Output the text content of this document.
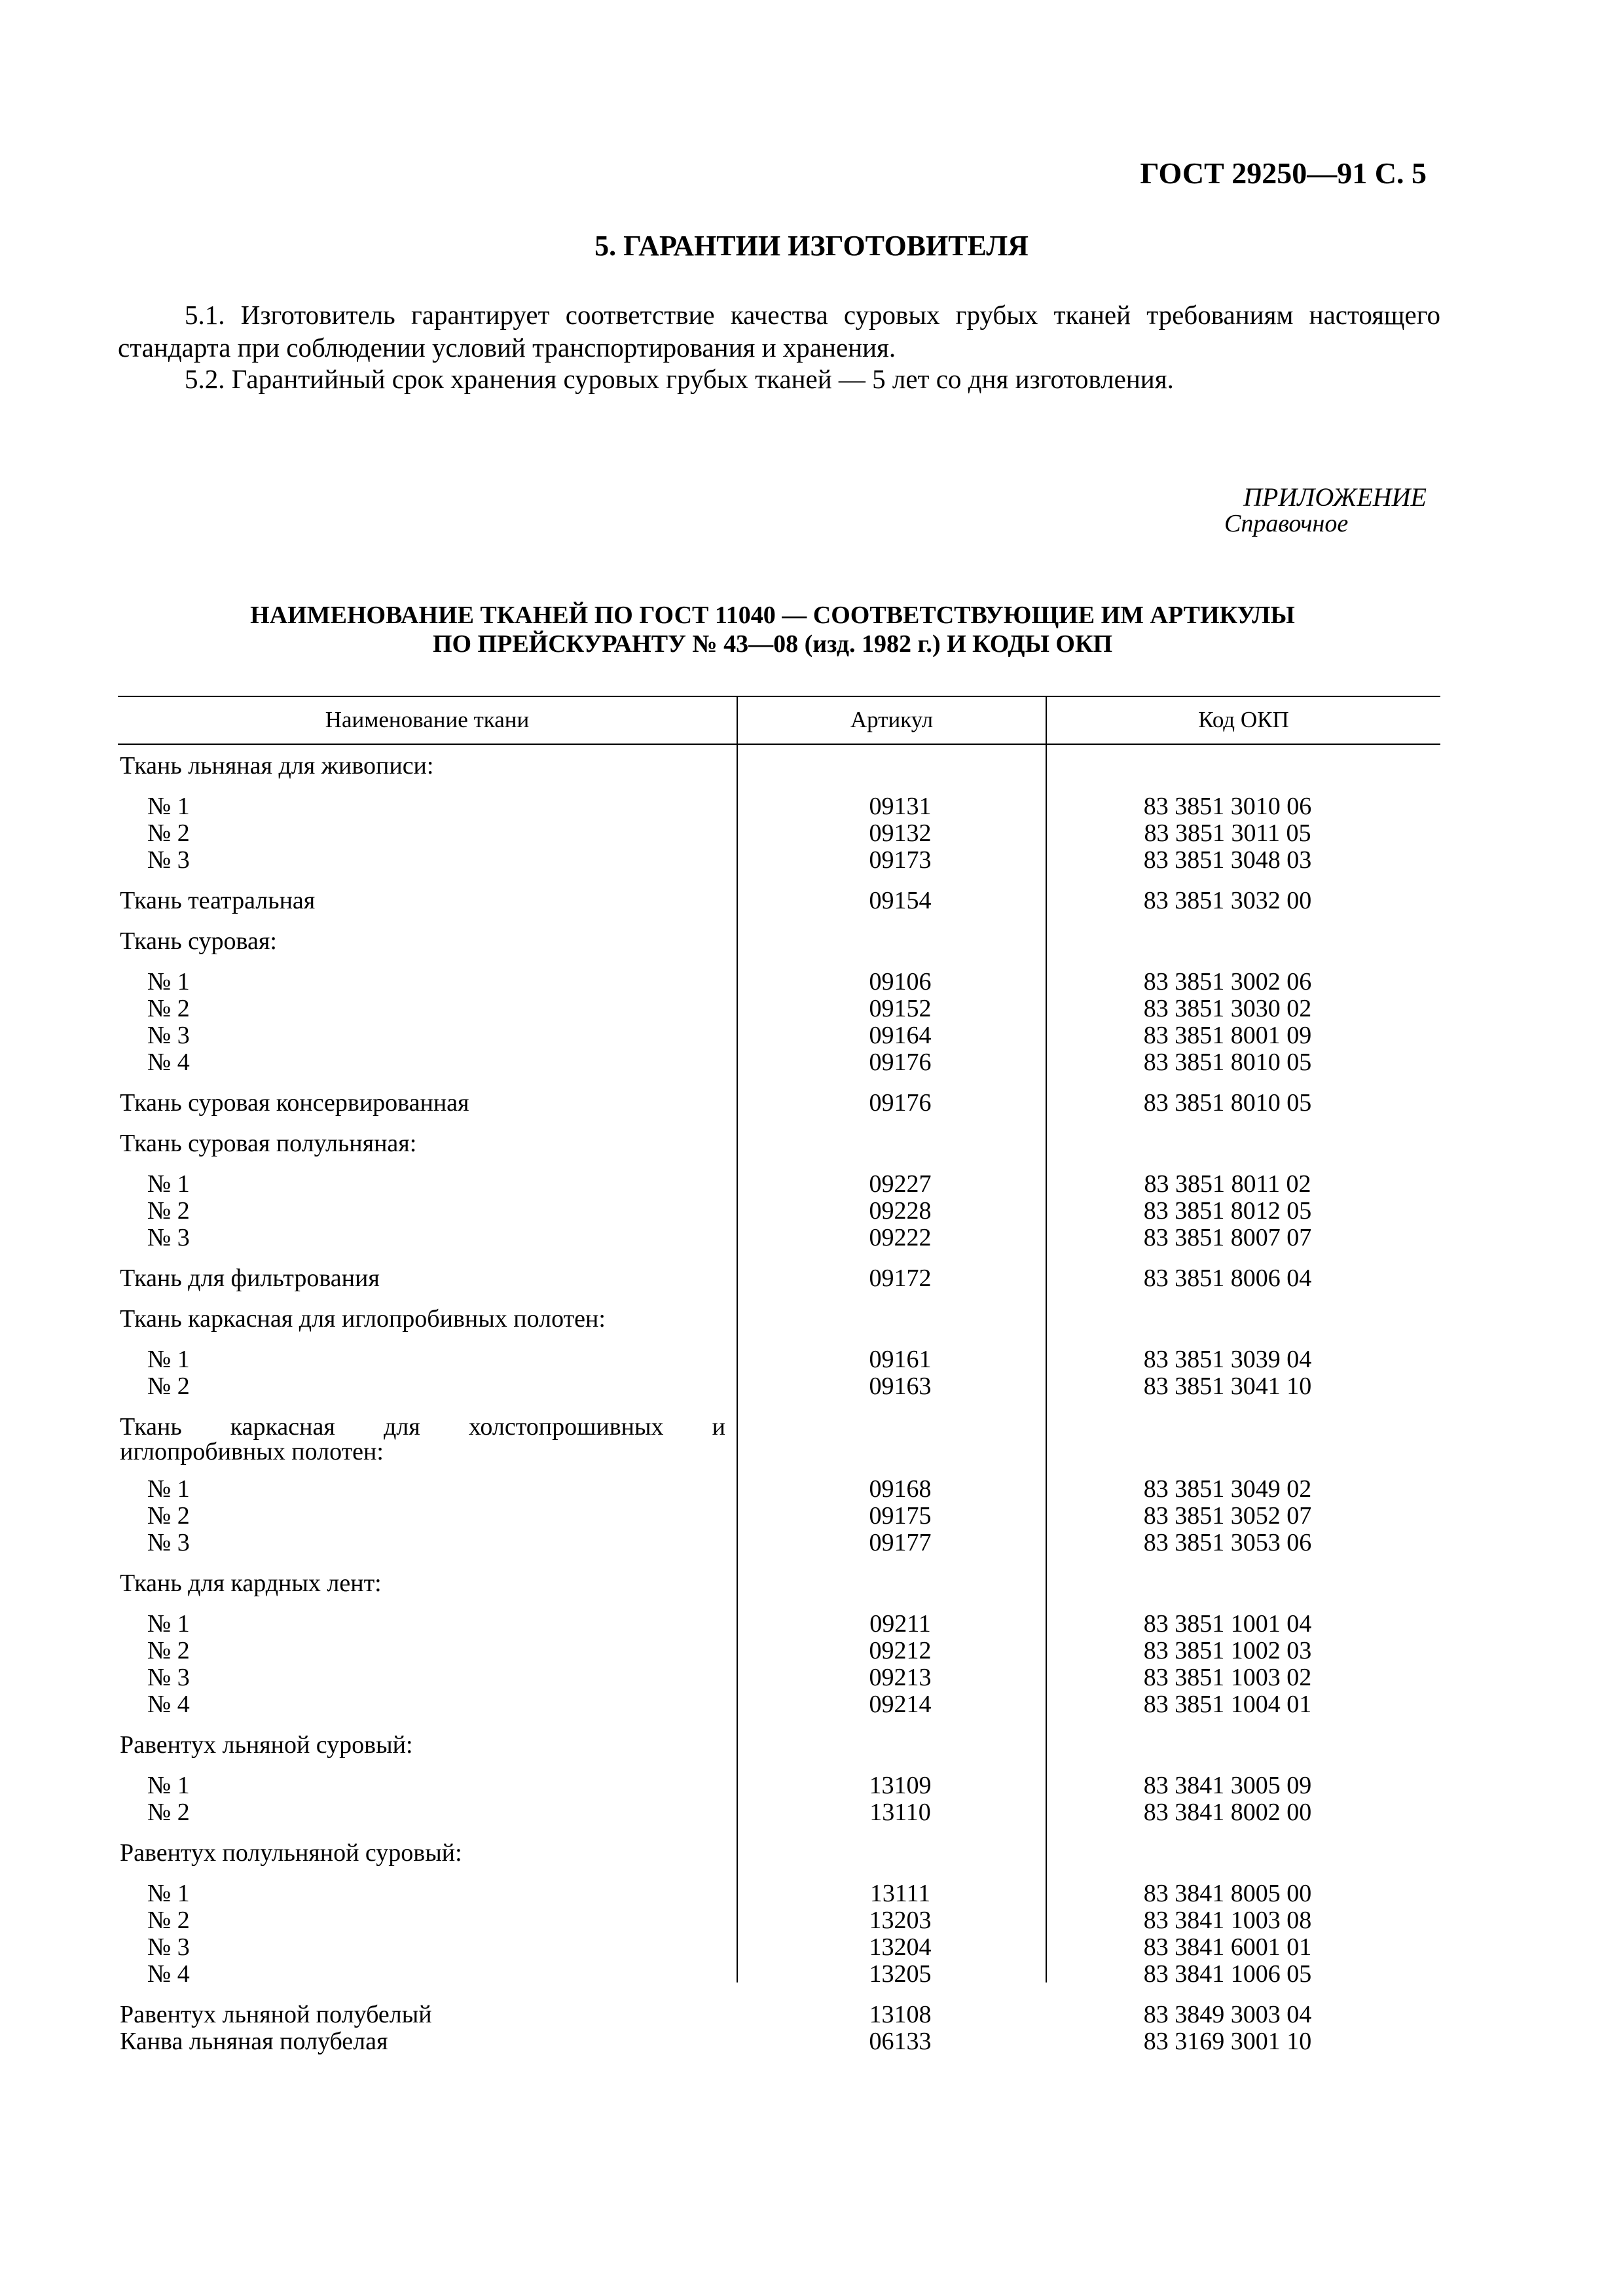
ГОСТ 29250—91 С. 5
5. ГАРАНТИИ ИЗГОТОВИТЕЛЯ
5.1. Изготовитель гарантирует соответствие качества суровых грубых тканей требованиям настоящего стандарта при соблюдении условий транспортирования и хранения.
5.2. Гарантийный срок хранения суровых грубых тканей — 5 лет со дня изготовления.
ПРИЛОЖЕНИЕ
Справочное
НАИМЕНОВАНИЕ ТКАНЕЙ ПО ГОСТ 11040 — СООТВЕТСТВУЮЩИЕ ИМ АРТИКУЛЫ
ПО ПРЕЙСКУРАНТУ № 43—08 (изд. 1982 г.) И КОДЫ ОКП
Наименование ткани	Артикул	Код ОКП
Ткань льняная для живописи:
№ 1	09131	83 3851 3010 06
№ 2	09132	83 3851 3011 05
№ 3	09173	83 3851 3048 03
Ткань театральная	09154	83 3851 3032 00
Ткань суровая:
№ 1	09106	83 3851 3002 06
№ 2	09152	83 3851 3030 02
№ 3	09164	83 3851 8001 09
№ 4	09176	83 3851 8010 05
Ткань суровая консервированная	09176	83 3851 8010 05
Ткань суровая полульняная:
№ 1	09227	83 3851 8011 02
№ 2	09228	83 3851 8012 05
№ 3	09222	83 3851 8007 07
Ткань для фильтрования	09172	83 3851 8006 04
Ткань каркасная для иглопробивных полотен:
№ 1	09161	83 3851 3039 04
№ 2	09163	83 3851 3041 10
Ткань каркасная для холстопрошивных и
иглопробивных полотен:
№ 1	09168	83 3851 3049 02
№ 2	09175	83 3851 3052 07
№ 3	09177	83 3851 3053 06
Ткань для кардных лент:
№ 1	09211	83 3851 1001 04
№ 2	09212	83 3851 1002 03
№ 3	09213	83 3851 1003 02
№ 4	09214	83 3851 1004 01
Равентух льняной суровый:
№ 1	13109	83 3841 3005 09
№ 2	13110	83 3841 8002 00
Равентух полульняной суровый:
№ 1	13111	83 3841 8005 00
№ 2	13203	83 3841 1003 08
№ 3	13204	83 3841 6001 01
№ 4	13205	83 3841 1006 05
Равентух льняной полубелый	13108	83 3849 3003 04
Канва льняная полубелая	06133	83 3169 3001 10
